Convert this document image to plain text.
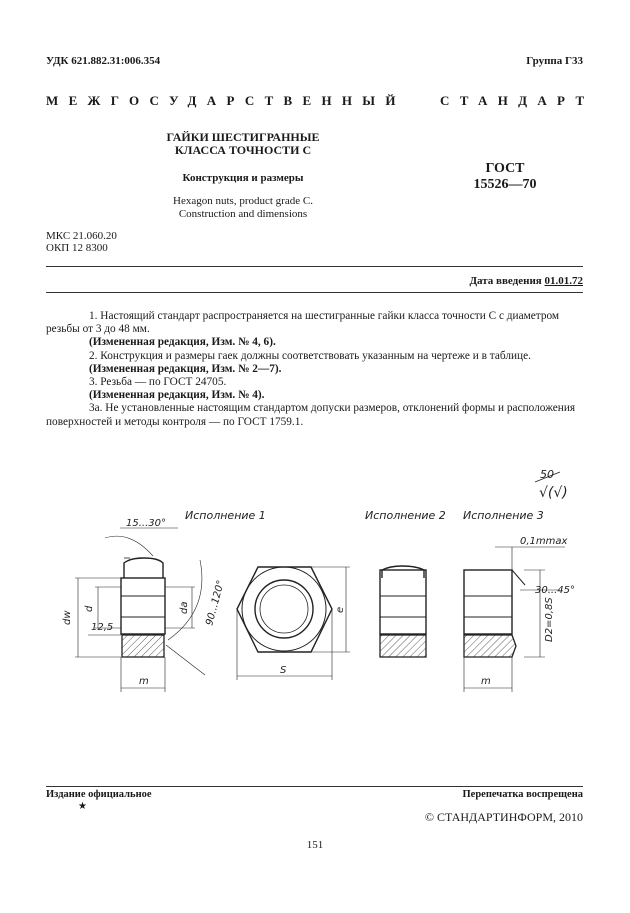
УДК 621.882.31:006.354	Группа Г33
МЕЖГОСУДАРСТВЕННЫЙ	СТАНДАРТ
ГАЙКИ ШЕСТИГРАННЫЕ
КЛАССА ТОЧНОСТИ С
Конструкция и размеры
Hexagon nuts, product grade C.
Construction and dimensions
ГОСТ
15526—70
МКС 21.060.20
ОКП 12 8300
Дата введения 01.01.72

1. Настоящий стандарт распространяется на шестигранные гайки класса точности С с диаметром резьбы от 3 до 48 мм.

(Измененная редакция, Изм. № 4, 6).

2. Конструкция и размеры гаек должны соответствовать указанным на чертеже и в таблице.

(Измененная редакция, Изм. № 2—7).

3. Резьба — по ГОСТ 24705.

(Измененная редакция, Изм. № 4).

3а. Не установленные настоящим стандартом допуски размеров, отклонений формы и расположения поверхностей и методы контроля — по ГОСТ 1759.1.

50
√(√)
Исполнение 1	Исполнение 2 Исполнение 3
15...30°
90...120°
dw
d	da
12,5
m
S
e
0,1mmax
30...45°
D2=0,8S
m
Издание официальное
★
Перепечатка воспрещена
© СТАНДАРТИНФОРМ, 2010
151
